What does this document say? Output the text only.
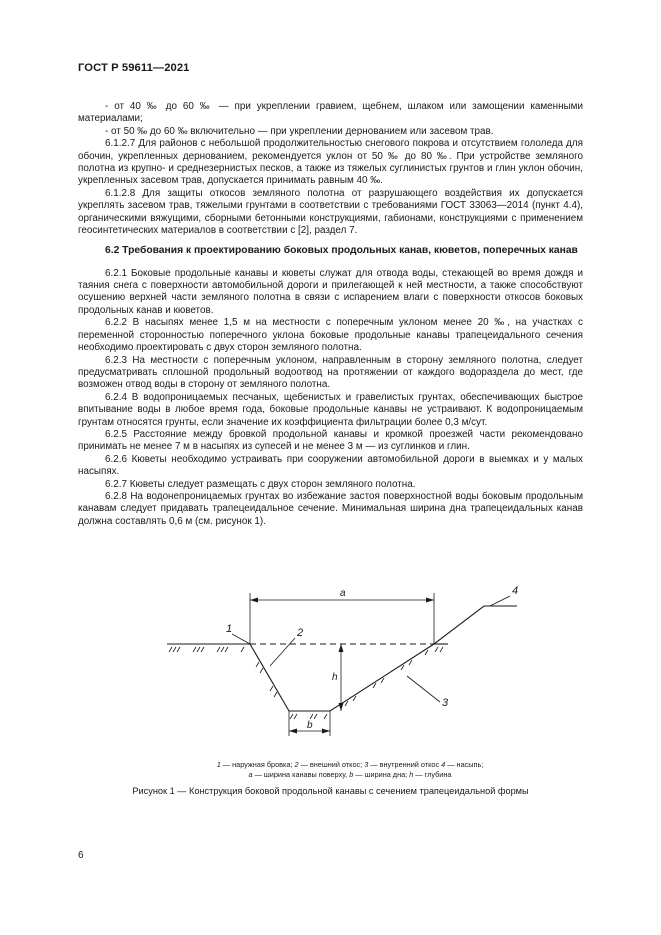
ГОСТ Р 59611—2021

- от 40 ‰ до 60 ‰ — при укреплении гравием, щебнем, шлаком или замощении каменными материалами;

- от 50 ‰ до 60 ‰ включительно — при укреплении дернованием или засевом трав.

6.1.2.7 Для районов с небольшой продолжительностью снегового покрова и отсутствием гололеда для обочин, укрепленных дернованием, рекомендуется уклон от 50 ‰ до 80 ‰. При устройстве земляного полотна из крупно- и среднезернистых песков, а также из тяжелых суглинистых грунтов и глин уклон обочин, укрепленных засевом трав, допускается принимать равным 40 ‰.

6.1.2.8 Для защиты откосов земляного полотна от разрушающего воздействия их допускается укреплять засевом трав, тяжелыми грунтами в соответствии с требованиями ГОСТ 33063—2014 (пункт 4.4), органическими вяжущими, сборными бетонными конструкциями, габионами, конструкциями с применением геосинтетических материалов в соответствии с [2], раздел 7.

6.2 Требования к проектированию боковых продольных канав, кюветов, поперечных канав

6.2.1 Боковые продольные канавы и кюветы служат для отвода воды, стекающей во время дождя и таяния снега с поверхности автомобильной дороги и прилегающей к ней местности, а также способствуют осушению верхней части земляного полотна в связи с испарением влаги с поверхности откосов боковых продольных канав и кюветов.

6.2.2 В насыпях менее 1,5 м на местности с поперечным уклоном менее 20 ‰, на участках с переменной сторонностью поперечного уклона боковые продольные канавы трапецеидального сечения необходимо проектировать с двух сторон земляного полотна.

6.2.3 На местности с поперечным уклоном, направленным в сторону земляного полотна, следует предусматривать сплошной продольный водоотвод на протяжении от каждого водораздела до мест, где возможен отвод воды в сторону от земляного полотна.

6.2.4 В водопроницаемых песчаных, щебенистых и гравелистых грунтах, обеспечивающих быстрое впитывание воды в любое время года, боковые продольные канавы не устраивают. К водопроницаемым грунтам относятся грунты, если значение их коэффициента фильтрации более 0,3 м/сут.

6.2.5 Расстояние между бровкой продольной канавы и кромкой проезжей части рекомендовано принимать не менее 7 м в насыпях из супесей и не менее 3 м — из суглинков и глин.

6.2.6 Кюветы необходимо устраивать при сооружении автомобильной дороги в выемках и у малых насыпях.

6.2.7 Кюветы следует размещать с двух сторон земляного полотна.

6.2.8 На водонепроницаемых грунтах во избежание застоя поверхностной воды боковым продольным канавам следует придавать трапецеидальное сечение. Минимальная ширина дна трапецеидальных канав должна составлять 0,6 м (см. рисунок 1).

1	2
3
4
a
h
b
1 — наружная бровка; 2 — внешний откос; 3 — внутренний откос 4 — насыпь;
a — ширина канавы поверху, b — ширина дна; h — глубина
Рисунок 1 — Конструкция боковой продольной канавы с сечением трапецеидальной формы
6
